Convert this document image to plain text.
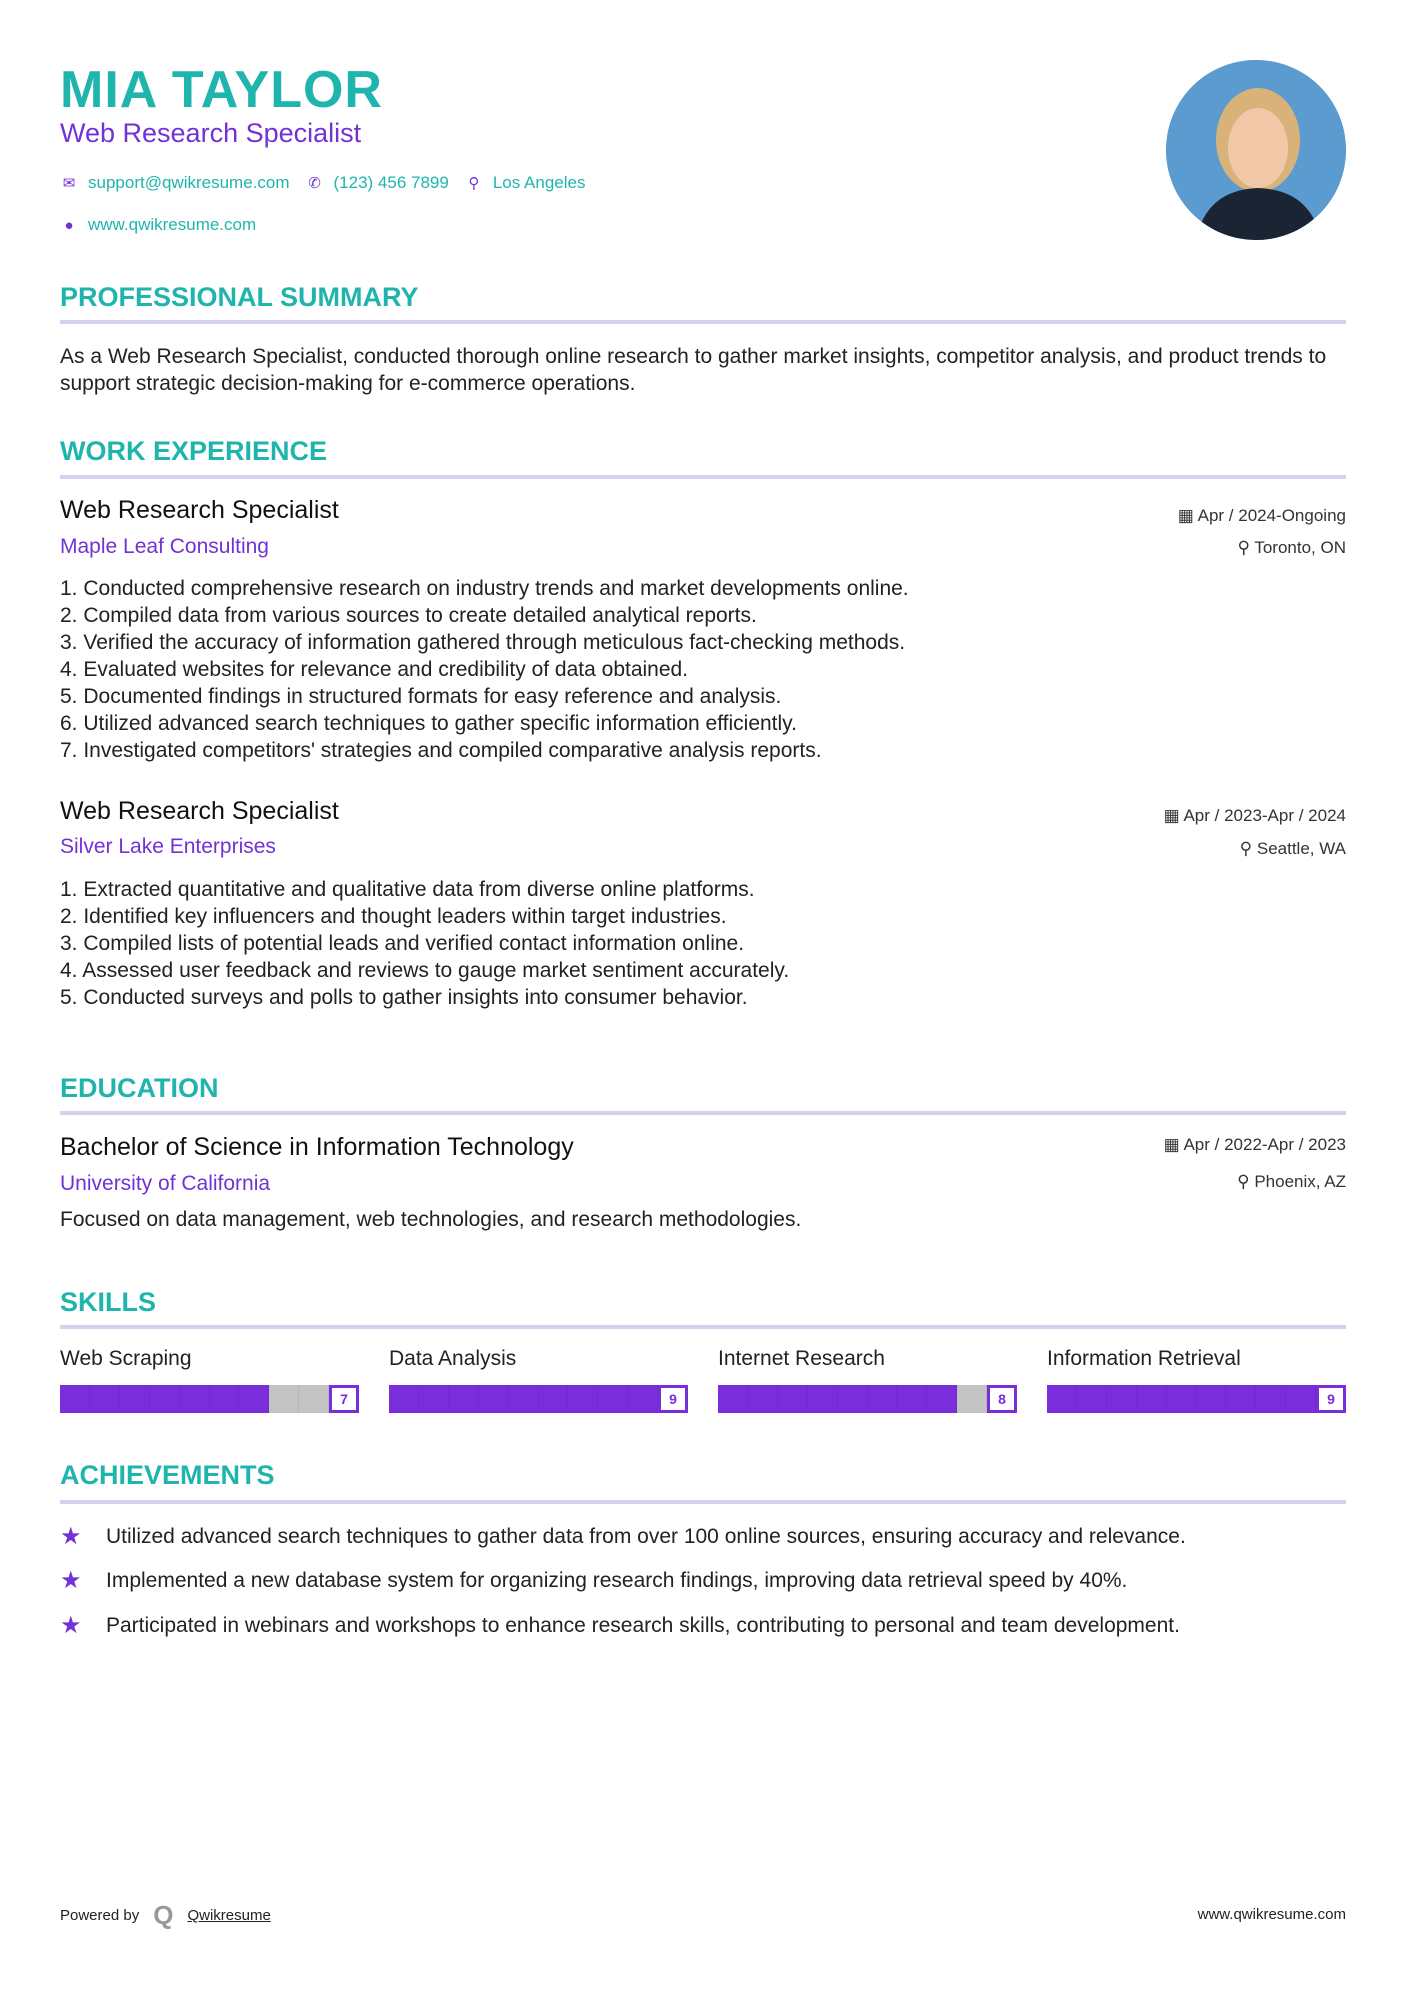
MIA TAYLOR
Web Research Specialist
✉ support@qwikresume.com ✆ (123) 456 7899 ⚲ Los Angeles
● www.qwikresume.com
PROFESSIONAL SUMMARY
As a Web Research Specialist, conducted thorough online research to gather market insights, competitor analysis, and product trends to support strategic decision-making for e-commerce operations.
WORK EXPERIENCE
Web Research Specialist
Maple Leaf Consulting
▦ Apr / 2024-Ongoing
⚲ Toronto, ON
1. Conducted comprehensive research on industry trends and market developments online.
2. Compiled data from various sources to create detailed analytical reports.
3. Verified the accuracy of information gathered through meticulous fact-checking methods.
4. Evaluated websites for relevance and credibility of data obtained.
5. Documented findings in structured formats for easy reference and analysis.
6. Utilized advanced search techniques to gather specific information efficiently.
7. Investigated competitors' strategies and compiled comparative analysis reports.
Web Research Specialist
Silver Lake Enterprises
▦ Apr / 2023-Apr / 2024
⚲ Seattle, WA
1. Extracted quantitative and qualitative data from diverse online platforms.
2. Identified key influencers and thought leaders within target industries.
3. Compiled lists of potential leads and verified contact information online.
4. Assessed user feedback and reviews to gauge market sentiment accurately.
5. Conducted surveys and polls to gather insights into consumer behavior.
EDUCATION
Bachelor of Science in Information Technology
University of California
▦ Apr / 2022-Apr / 2023
⚲ Phoenix, AZ
Focused on data management, web technologies, and research methodologies.
SKILLS
Web Scraping
7
Data Analysis
9
Internet Research
8
Information Retrieval
9
ACHIEVEMENTS
★	Utilized advanced search techniques to gather data from over 100 online sources, ensuring accuracy and relevance.
★	Implemented a new database system for organizing research findings, improving data retrieval speed by 40%.
★	Participated in webinars and workshops to enhance research skills, contributing to personal and team development.
Powered by Q Qwikresume	www.qwikresume.com
